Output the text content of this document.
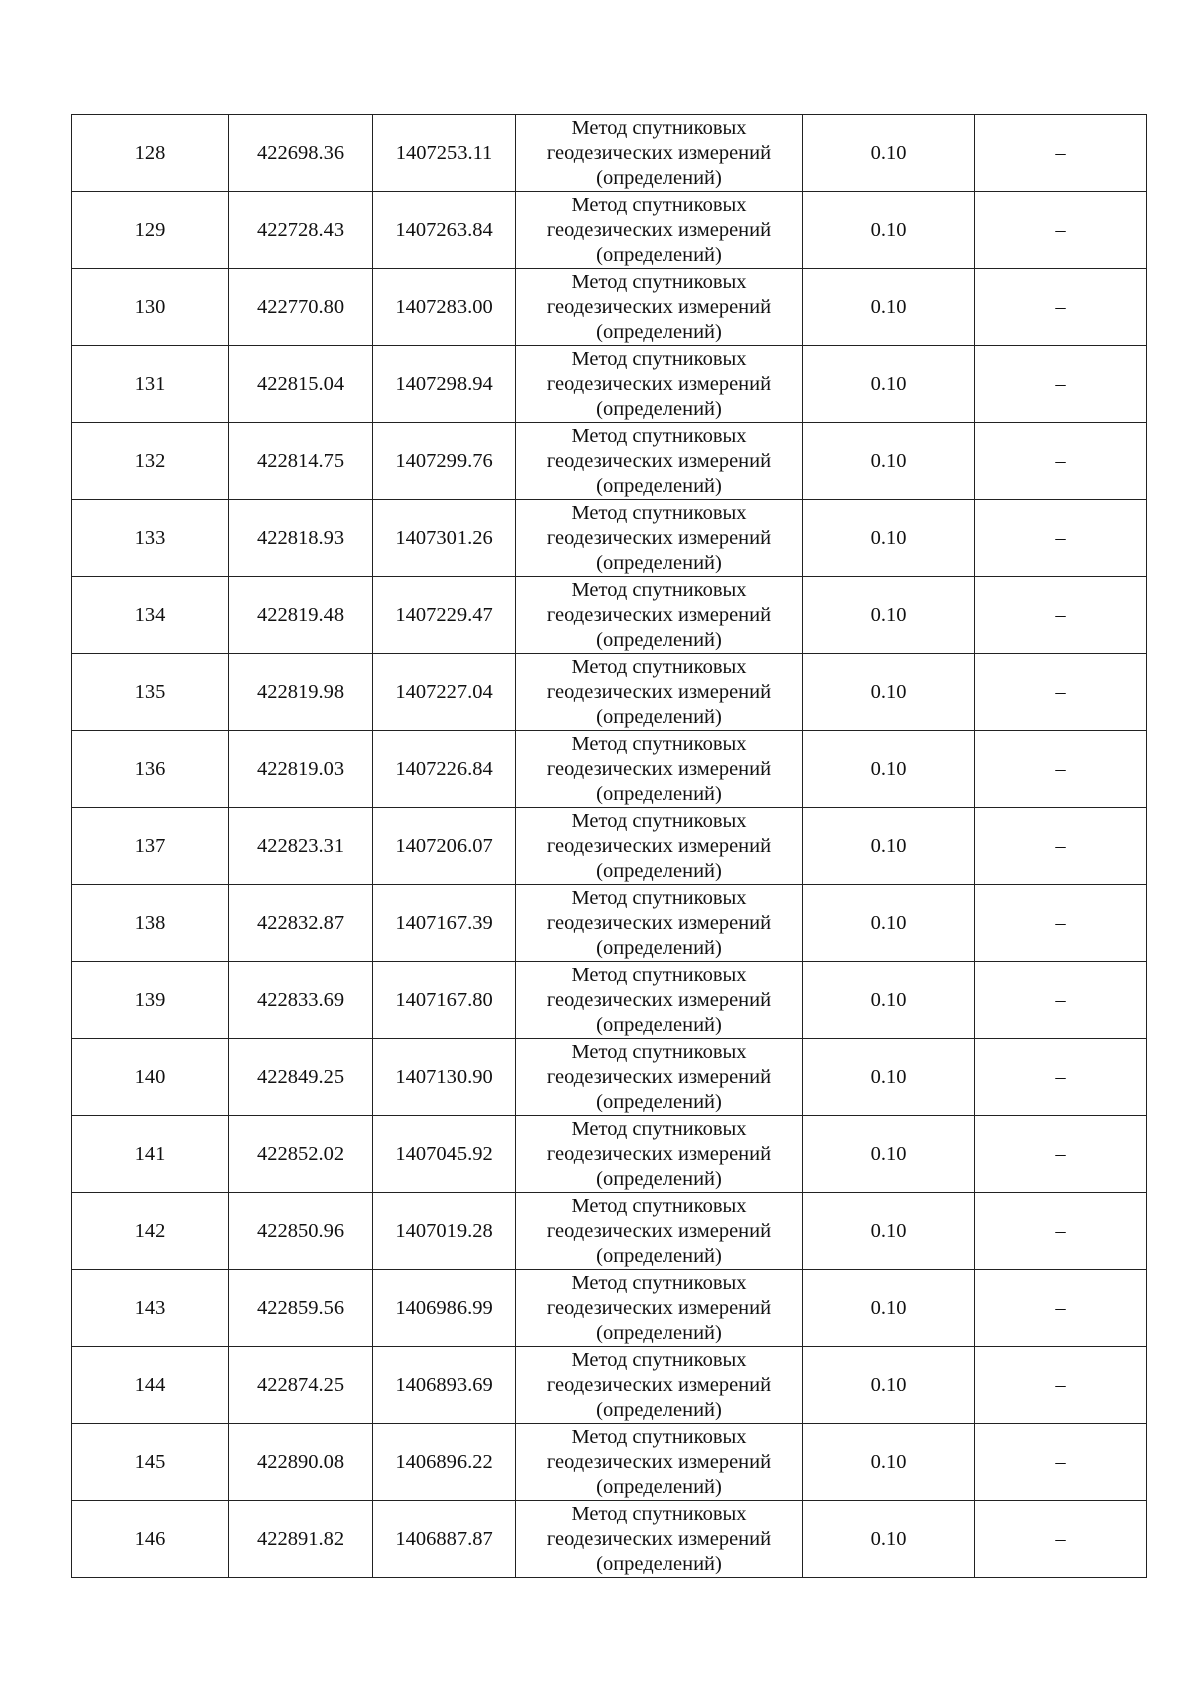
128	422698.36	1407253.11	Метод спутниковых
геодезических измерений
(определений)	0.10	–
129	422728.43	1407263.84	Метод спутниковых
геодезических измерений
(определений)	0.10	–
130	422770.80	1407283.00	Метод спутниковых
геодезических измерений
(определений)	0.10	–
131	422815.04	1407298.94	Метод спутниковых
геодезических измерений
(определений)	0.10	–
132	422814.75	1407299.76	Метод спутниковых
геодезических измерений
(определений)	0.10	–
133	422818.93	1407301.26	Метод спутниковых
геодезических измерений
(определений)	0.10	–
134	422819.48	1407229.47	Метод спутниковых
геодезических измерений
(определений)	0.10	–
135	422819.98	1407227.04	Метод спутниковых
геодезических измерений
(определений)	0.10	–
136	422819.03	1407226.84	Метод спутниковых
геодезических измерений
(определений)	0.10	–
137	422823.31	1407206.07	Метод спутниковых
геодезических измерений
(определений)	0.10	–
138	422832.87	1407167.39	Метод спутниковых
геодезических измерений
(определений)	0.10	–
139	422833.69	1407167.80	Метод спутниковых
геодезических измерений
(определений)	0.10	–
140	422849.25	1407130.90	Метод спутниковых
геодезических измерений
(определений)	0.10	–
141	422852.02	1407045.92	Метод спутниковых
геодезических измерений
(определений)	0.10	–
142	422850.96	1407019.28	Метод спутниковых
геодезических измерений
(определений)	0.10	–
143	422859.56	1406986.99	Метод спутниковых
геодезических измерений
(определений)	0.10	–
144	422874.25	1406893.69	Метод спутниковых
геодезических измерений
(определений)	0.10	–
145	422890.08	1406896.22	Метод спутниковых
геодезических измерений
(определений)	0.10	–
146	422891.82	1406887.87	Метод спутниковых
геодезических измерений
(определений)	0.10	–
